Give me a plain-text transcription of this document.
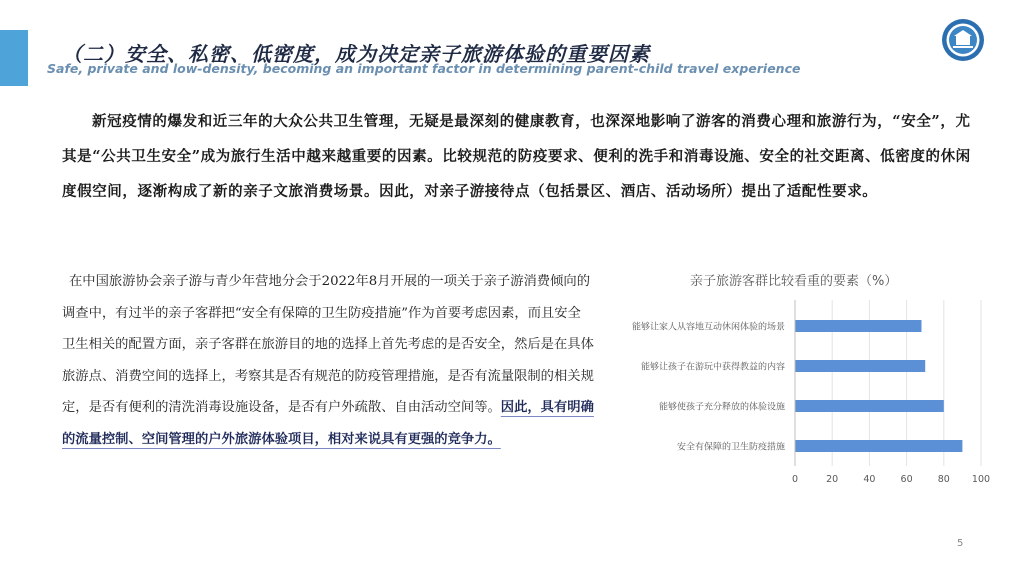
（二）安全、私密、低密度，成为决定亲子旅游体验的重要因素

Safe, private and low-density, becoming an important factor in determining parent-child travel experience

新冠疫情的爆发和近三年的大众公共卫生管理，无疑是最深刻的健康教育，也深深地影响了游客的消费心理和旅游行为，“安全”，尤其是“公共卫生安全”成为旅行生活中越来越重要的因素。比较规范的防疫要求、便利的洗手和消毒设施、安全的社交距离、低密度的休闲度假空间，逐渐构成了新的亲子文旅消费场景。因此，对亲子游接待点（包括景区、酒店、活动场所）提出了适配性要求。

在中国旅游协会亲子游与青少年营地分会于2022年8月开展的一项关于亲子游消费倾向的调查中，有过半的亲子客群把“安全有保障的卫生防疫措施”作为首要考虑因素，而且安全卫生相关的配置方面，亲子客群在旅游目的地的选择上首先考虑的是否安全，然后是在具体旅游点、消费空间的选择上，考察其是否有规范的防疫管理措施，是否有流量限制的相关规定，是否有便利的清洗消毒设施设备，是否有户外疏散、自由活动空间等。因此，具有明确的流量控制、空间管理的户外旅游体验项目，相对来说具有更强的竞争力。

亲子旅游客群比较看重的要素（%）
0	20	40	60	80 100
能够让家人从容地互动休闲体验的场景
能够让孩子在游玩中获得教益的内容
能够使孩子充分释放的体验设施
安全有保障的卫生防疫措施
5
